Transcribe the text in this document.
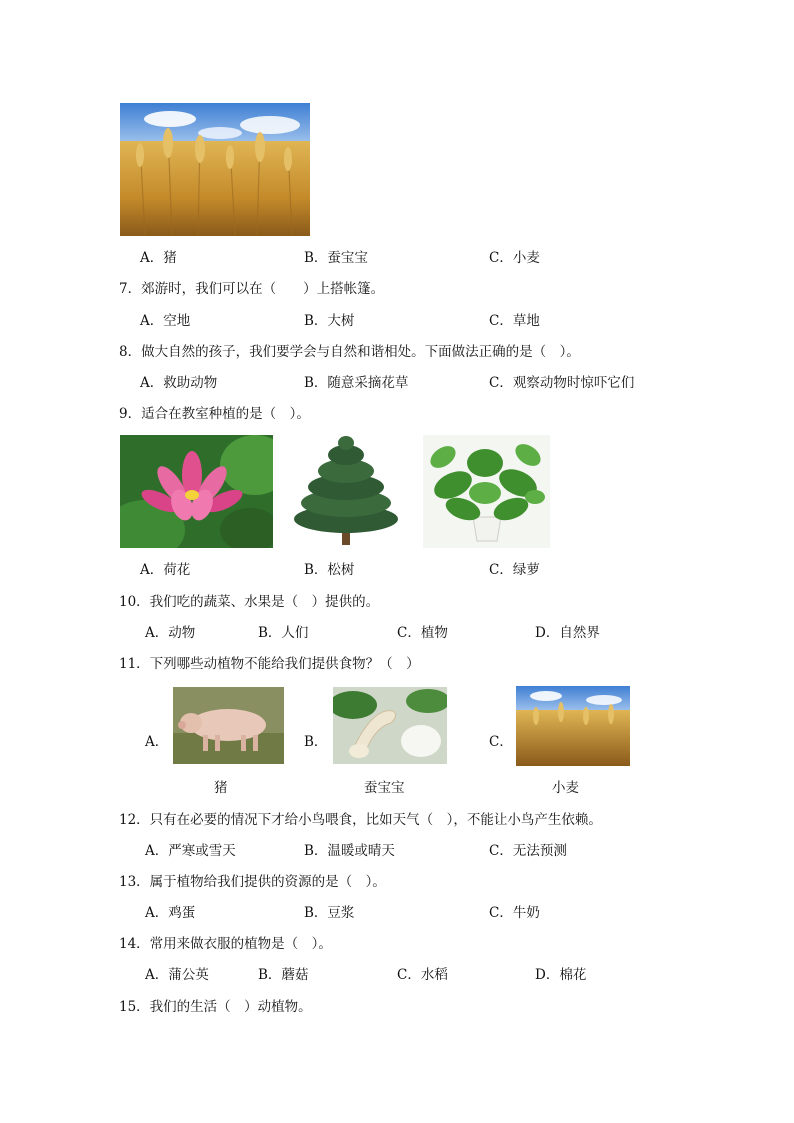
A．猪	B．蚕宝宝	C．小麦
7．郊游时，我们可以在（　　）上搭帐篷。
A．空地	B．大树	C．草地
8．做大自然的孩子，我们要学会与自然和谐相处。下面做法正确的是（　）。
A．救助动物	B．随意采摘花草	C．观察动物时惊吓它们
9．适合在教室种植的是（　）。
A．荷花	B．松树	C．绿萝
10．我们吃的蔬菜、水果是（　）提供的。
A．动物	B．人们	C．植物	D．自然界
11．下列哪些动植物不能给我们提供食物？（　）
A．	B．	C．
猪	蚕宝宝	小麦
12．只有在必要的情况下才给小鸟喂食，比如天气（　），不能让小鸟产生依赖。
A．严寒或雪天	B．温暖或晴天	C．无法预测
13．属于植物给我们提供的资源的是（　）。
A．鸡蛋	B．豆浆	C．牛奶
14．常用来做衣服的植物是（　）。
A．蒲公英	B．蘑菇	C．水稻	D．棉花
15．我们的生活（　）动植物。
